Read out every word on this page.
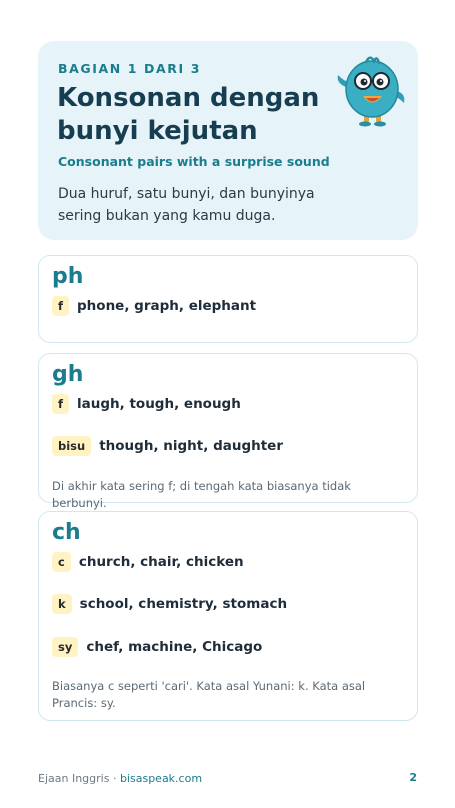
BAGIAN 1 DARI 3
Konsonan dengan bunyi kejutan
Consonant pairs with a surprise sound
Dua huruf, satu bunyi, dan bunyinya sering bukan yang kamu duga.
ph
f	phone, graph, elephant
gh
f	laugh, tough, enough
bisu	though, night, daughter
Di akhir kata sering f; di tengah kata biasanya tidak berbunyi.
ch
c	church, chair, chicken
k	school, chemistry, stomach
sy	chef, machine, Chicago
Biasanya c seperti 'cari'. Kata asal Yunani: k. Kata asal Prancis: sy.
Ejaan Inggris · bisaspeak.com	2
